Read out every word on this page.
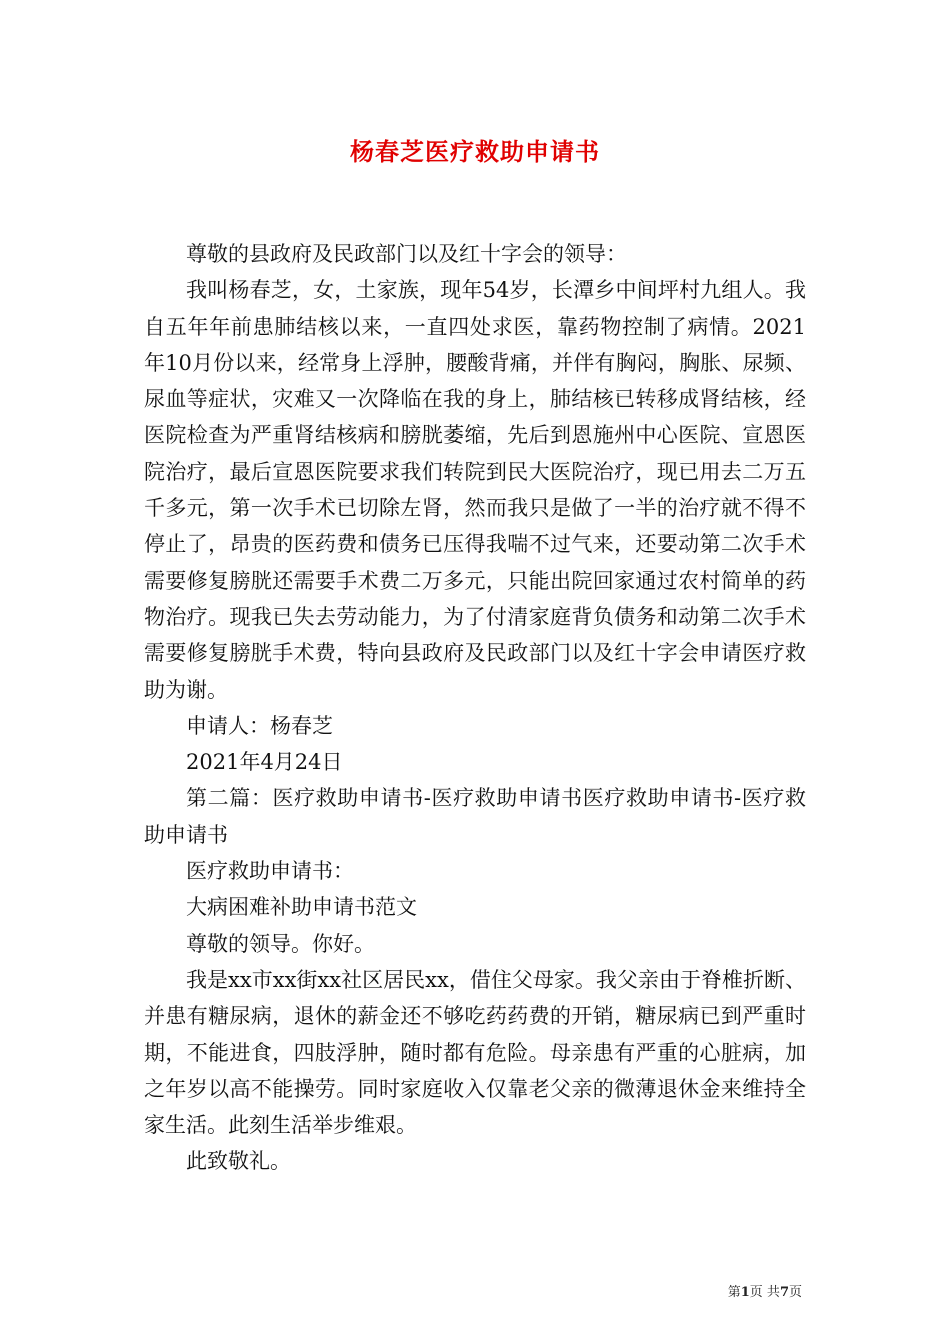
杨春芝医疗救助申请书

尊敬的县政府及民政部门以及红十字会的领导：

我叫杨春芝，女，土家族，现年54岁，长潭乡中间坪村九组人。我自五年年前患肺结核以来，一直四处求医，靠药物控制了病情。2021年10月份以来，经常身上浮肿，腰酸背痛，并伴有胸闷，胸胀、尿频、尿血等症状，灾难又一次降临在我的身上，肺结核已转移成肾结核，经医院检查为严重肾结核病和膀胱萎缩，先后到恩施州中心医院、宣恩医院治疗，最后宣恩医院要求我们转院到民大医院治疗，现已用去二万五千多元，第一次手术已切除左肾，然而我只是做了一半的治疗就不得不停止了，昂贵的医药费和债务已压得我喘不过气来，还要动第二次手术需要修复膀胱还需要手术费二万多元，只能出院回家通过农村简单的药物治疗。现我已失去劳动能力，为了付清家庭背负债务和动第二次手术需要修复膀胱手术费，特向县政府及民政部门以及红十字会申请医疗救助为谢。

申请人：杨春芝

2021年4月24日

第二篇：医疗救助申请书-医疗救助申请书医疗救助申请书-医疗救助申请书

医疗救助申请书：

大病困难补助申请书范文

尊敬的领导。你好。

我是xx市xx街xx社区居民xx，借住父母家。我父亲由于脊椎折断、并患有糖尿病，退休的薪金还不够吃药药费的开销，糖尿病已到严重时期，不能进食，四肢浮肿，随时都有危险。母亲患有严重的心脏病，加之年岁以高不能操劳。同时家庭收入仅靠老父亲的微薄退休金来维持全家生活。此刻生活举步维艰。

此致敬礼。

第1页 共7页
